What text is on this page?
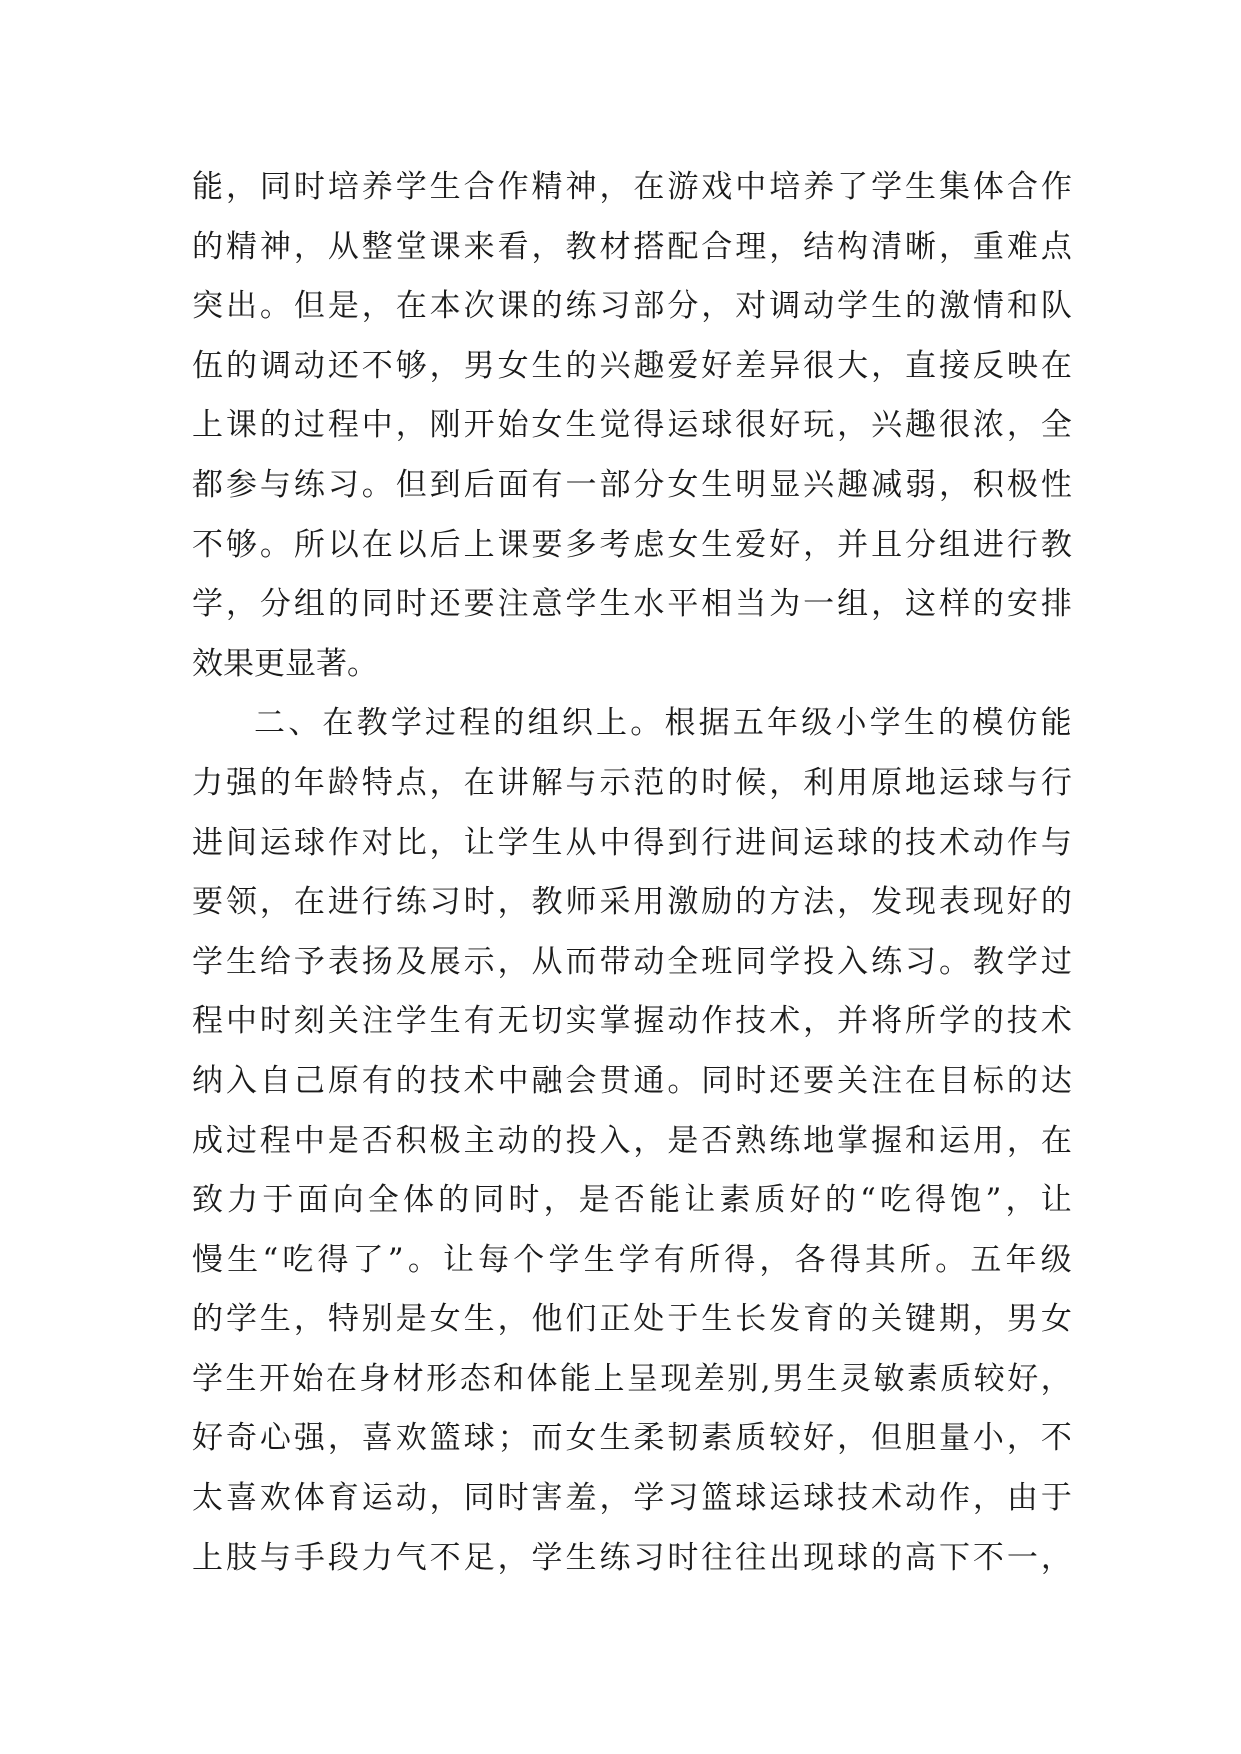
能 ， 同 时 培 养 学 生 合 作 精 神 ， 在 游 戏 中 培 养 了 学 生 集 体 合 作
的 精 神 ， 从 整 堂 课 来 看 ， 教 材 搭 配 合 理 ， 结 构 清 晰 ， 重 难 点
突 出 。 但 是 ， 在 本 次 课 的 练 习 部 分 ， 对 调 动 学 生 的 激 情 和 队
伍 的 调 动 还 不 够 ， 男 女 生 的 兴 趣 爱 好 差 异 很 大 ， 直 接 反 映 在
上 课 的 过 程 中 ， 刚 开 始 女 生 觉 得 运 球 很 好 玩 ， 兴 趣 很 浓 ， 全
都 参 与 练 习 。 但 到 后 面 有 一 部 分 女 生 明 显 兴 趣 减 弱 ， 积 极 性
不 够 。 所 以 在 以 后 上 课 要 多 考 虑 女 生 爱 好 ， 并 且 分 组 进 行 教
学 ， 分 组 的 同 时 还 要 注 意 学 生 水 平 相 当 为 一 组 ， 这 样 的 安 排
效果更显著。
二 、 在 教 学 过 程 的 组 织 上 。 根 据 五 年 级 小 学 生 的 模 仿 能
力 强 的 年 龄 特 点 ， 在 讲 解 与 示 范 的 时 候 ， 利 用 原 地 运 球 与 行
进 间 运 球 作 对 比 ， 让 学 生 从 中 得 到 行 进 间 运 球 的 技 术 动 作 与
要 领 ， 在 进 行 练 习 时 ， 教 师 采 用 激 励 的 方 法 ， 发 现 表 现 好 的
学 生 给 予 表 扬 及 展 示 ， 从 而 带 动 全 班 同 学 投 入 练 习 。 教 学 过
程 中 时 刻 关 注 学 生 有 无 切 实 掌 握 动 作 技 术 ， 并 将 所 学 的 技 术
纳 入 自 己 原 有 的 技 术 中 融 会 贯 通 。 同 时 还 要 关 注 在 目 标 的 达
成 过 程 中 是 否 积 极 主 动 的 投 入 ， 是 否 熟 练 地 掌 握 和 运 用 ， 在
致 力 于 面 向 全 体 的 同 时 ， 是 否 能 让 素 质 好 的 “ 吃 得 饱 ” ， 让
慢 生 “ 吃 得 了 ” 。 让 每 个 学 生 学 有 所 得 ， 各 得 其 所 。 五 年 级
的 学 生 ， 特 别 是 女 生 ， 他 们 正 处 于 生 长 发 育 的 关 键 期 ， 男 女
学 生 开 始 在 身 材 形 态 和 体 能 上 呈 现 差 别 , 男 生 灵 敏 素 质 较 好 ，
好 奇 心 强 ， 喜 欢 篮 球 ； 而 女 生 柔 韧 素 质 较 好 ， 但 胆 量 小 ， 不
太 喜 欢 体 育 运 动 ， 同 时 害 羞 ， 学 习 篮 球 运 球 技 术 动 作 ， 由 于
上 肢 与 手 段 力 气 不 足 ， 学 生 练 习 时 往 往 出 现 球 的 高 下 不 一 ，
